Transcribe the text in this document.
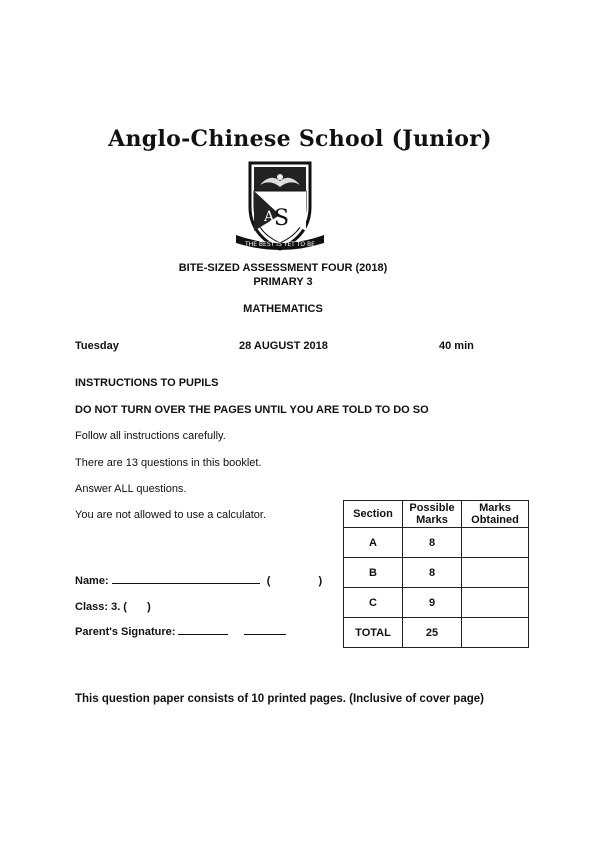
Anglo-Chinese School (Junior)
S
A
THE BEST IS YET TO BE
BITE-SIZED ASSESSMENT FOUR (2018)
PRIMARY 3
MATHEMATICS
Tuesday	28 AUGUST 2018	40 min
INSTRUCTIONS TO PUPILS
DO NOT TURN OVER THE PAGES UNTIL YOU ARE TOLD TO DO SO
Follow all instructions carefully.
There are 13 questions in this booklet.
Answer ALL questions.
You are not allowed to use a calculator.	Section	Possible Marks	Marks Obtained
A	8	
B	8	
C	9	
TOTAL	25	
Name:	(	)
Class: 3. ( )
Parent's Signature:
This question paper consists of 10 printed pages. (Inclusive of cover page)
